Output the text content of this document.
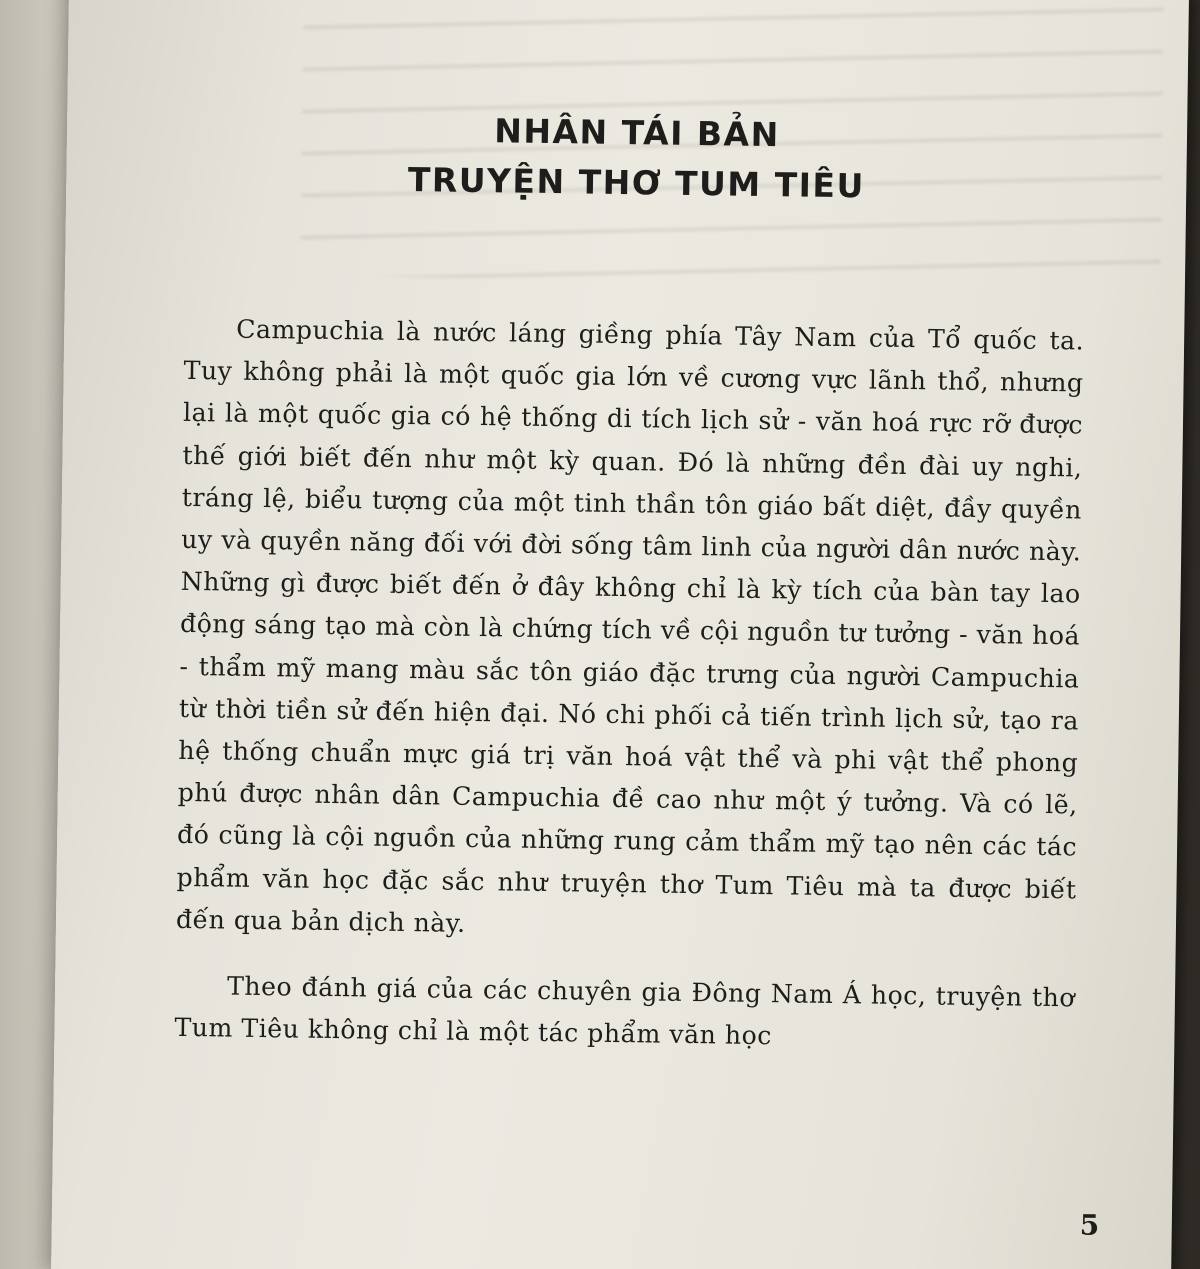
NHÂN TÁI BẢN
TRUYỆN THƠ TUM TIÊU

Campuchia là nước láng giềng phía Tây Nam của Tổ quốc ta. Tuy không phải là một quốc gia lớn về cương vực lãnh thổ, nhưng lại là một quốc gia có hệ thống di tích lịch sử - văn hoá rực rỡ được thế giới biết đến như một kỳ quan. Đó là những đền đài uy nghi, tráng lệ, biểu tượng của một tinh thần tôn giáo bất diệt, đầy quyền uy và quyền năng đối với đời sống tâm linh của người dân nước này. Những gì được biết đến ở đây không chỉ là kỳ tích của bàn tay lao động sáng tạo mà còn là chứng tích về cội nguồn tư tưởng - văn hoá - thẩm mỹ mang màu sắc tôn giáo đặc trưng của người Campuchia từ thời tiền sử đến hiện đại. Nó chi phối cả tiến trình lịch sử, tạo ra hệ thống chuẩn mực giá trị văn hoá vật thể và phi vật thể phong phú được nhân dân Campuchia đề cao như một ý tưởng. Và có lẽ, đó cũng là cội nguồn của những rung cảm thẩm mỹ tạo nên các tác phẩm văn học đặc sắc như truyện thơ Tum Tiêu mà ta được biết đến qua bản dịch này.

Theo đánh giá của các chuyên gia Đông Nam Á học, truyện thơ Tum Tiêu không chỉ là một tác phẩm văn học

5
